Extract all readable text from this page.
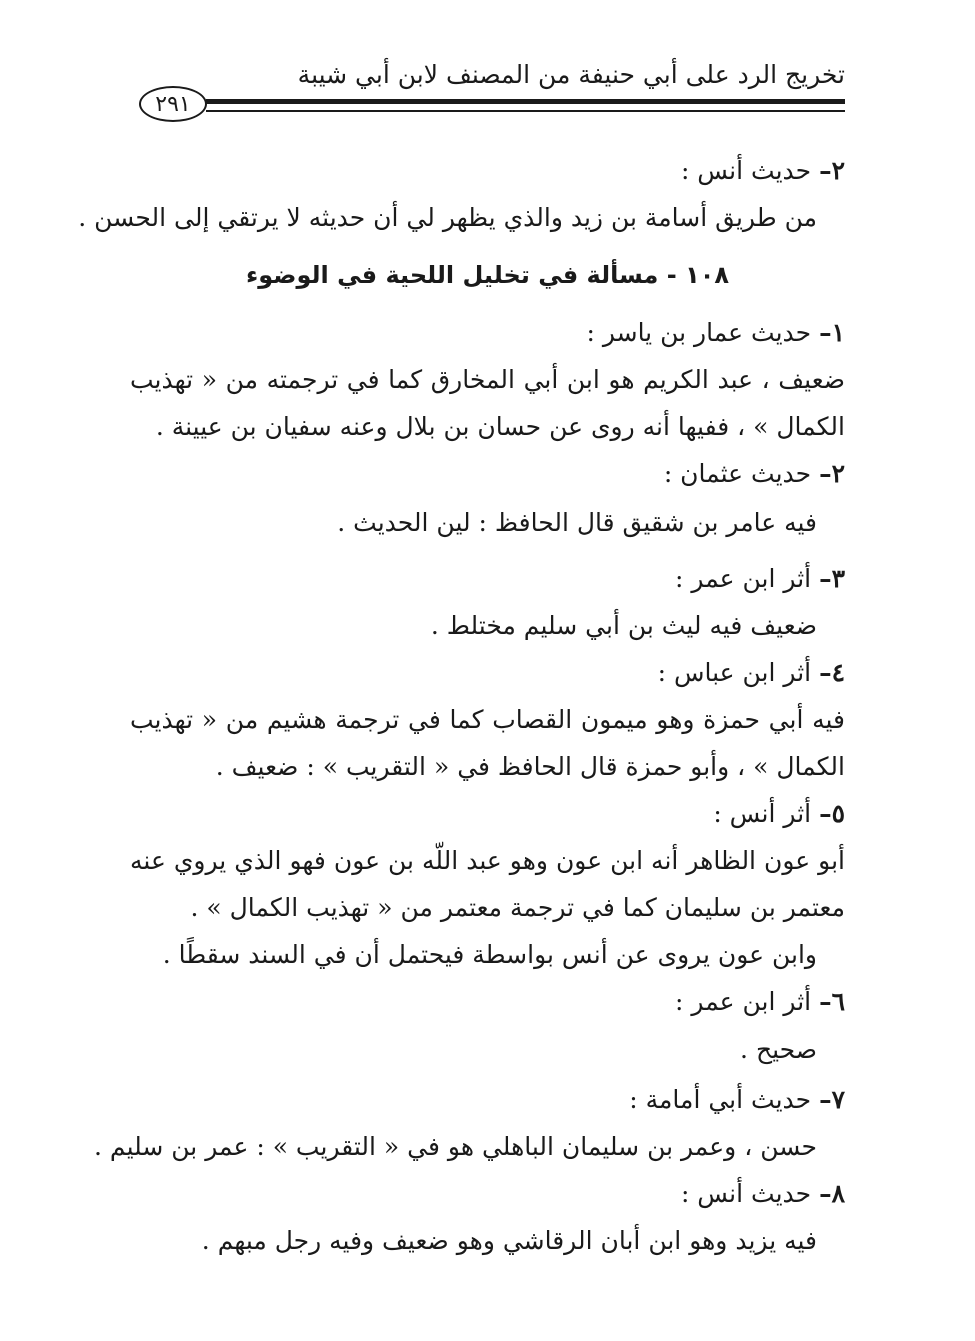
تخريج الرد على أبي حنيفة من المصنف لابن أبي شيبة
٢٩١
٢– حديث أنس :
من طريق أسامة بن زيد والذي يظهر لي أن حديثه لا يرتقي إلى الحسن .
١٠٨ - مسألة في تخليل اللحية في الوضوء
١– حديث عمار بن ياسر :
ضعيف ، عبد الكريم هو ابن أبي المخارق كما في ترجمته من « تهذيب
الكمال » ، ففيها أنه روى عن حسان بن بلال وعنه سفيان بن عيينة .
٢– حديث عثمان :
فيه عامر بن شقيق قال الحافظ : لين الحديث .
٣– أثر ابن عمر :
ضعيف فيه ليث بن أبي سليم مختلط .
٤– أثر ابن عباس :
فيه أبي حمزة وهو ميمون القصاب كما في ترجمة هشيم من « تهذيب
الكمال » ، وأبو حمزة قال الحافظ في « التقريب » : ضعيف .
٥– أثر أنس :
أبو عون الظاهر أنه ابن عون وهو عبد اللّه بن عون فهو الذي يروي عنه
معتمر بن سليمان كما في ترجمة معتمر من « تهذيب الكمال » .
وابن عون يروى عن أنس بواسطة فيحتمل أن في السند سقطًا .
٦– أثر ابن عمر :
صحيح .
٧– حديث أبي أمامة :
حسن ، وعمر بن سليمان الباهلي هو في « التقريب » : عمر بن سليم .
٨– حديث أنس :
فيه يزيد وهو ابن أبان الرقاشي وهو ضعيف وفيه رجل مبهم .
